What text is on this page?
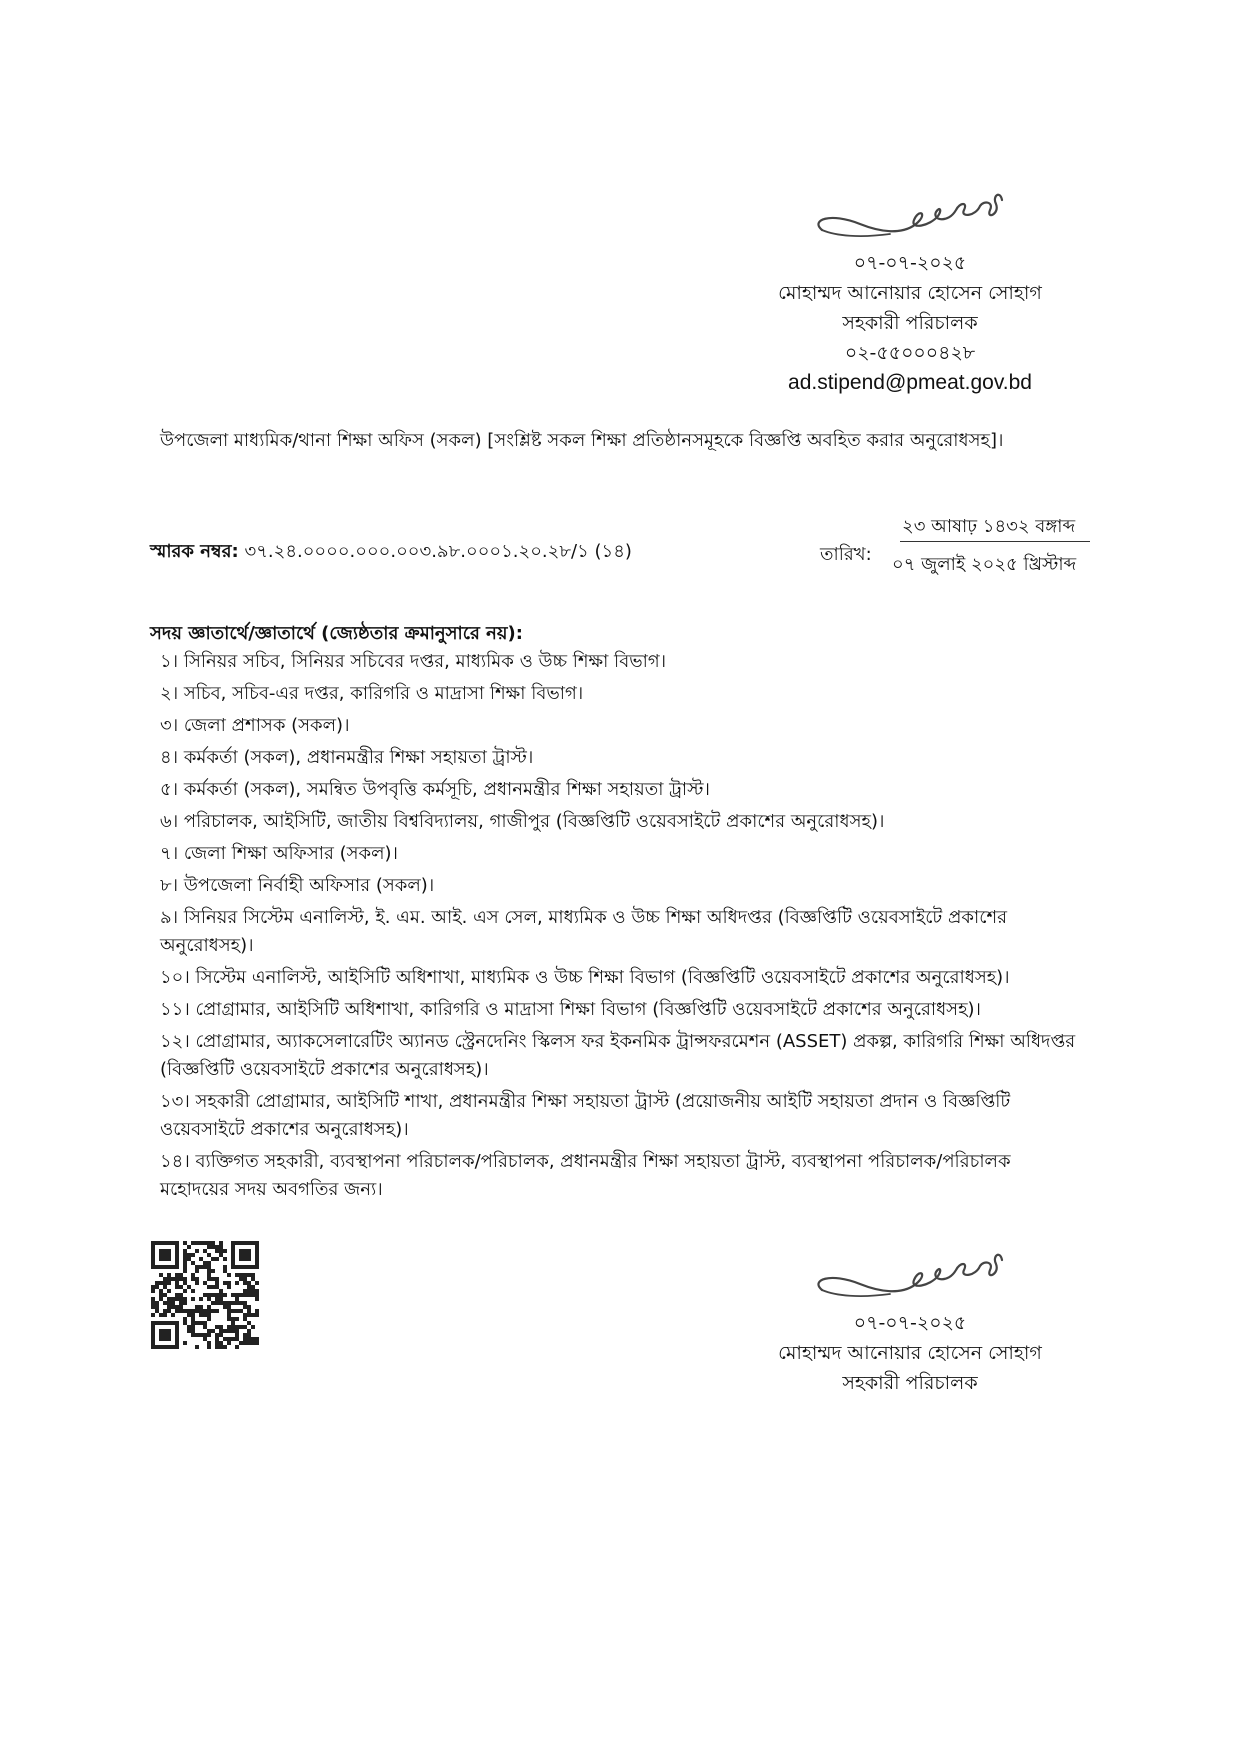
০৭-০৭-২০২৫
মোহাম্মদ আনোয়ার হোসেন সোহাগ
সহকারী পরিচালক
০২-৫৫০০০৪২৮
ad.stipend@pmeat.gov.bd
উপজেলা মাধ্যমিক/থানা শিক্ষা অফিস (সকল) [সংশ্লিষ্ট সকল শিক্ষা প্রতিষ্ঠানসমূহকে বিজ্ঞপ্তি অবহিত করার অনুরোধসহ]।
স্মারক নম্বর: ৩৭.২৪.০০০০.০০০.০০৩.৯৮.০০০১.২০.২৮/১ (১৪)	তারিখ:
২৩ আষাঢ় ১৪৩২ বঙ্গাব্দ
০৭ জুলাই ২০২৫ খ্রিস্টাব্দ
সদয় জ্ঞাতার্থে/জ্ঞাতার্থে (জ্যেষ্ঠতার ক্রমানুসারে নয়):
১। সিনিয়র সচিব, সিনিয়র সচিবের দপ্তর, মাধ্যমিক ও উচ্চ শিক্ষা বিভাগ।
২। সচিব, সচিব-এর দপ্তর, কারিগরি ও মাদ্রাসা শিক্ষা বিভাগ।
৩। জেলা প্রশাসক (সকল)।
৪। কর্মকর্তা (সকল), প্রধানমন্ত্রীর শিক্ষা সহায়তা ট্রাস্ট।
৫। কর্মকর্তা (সকল), সমন্বিত উপবৃত্তি কর্মসূচি, প্রধানমন্ত্রীর শিক্ষা সহায়তা ট্রাস্ট।
৬। পরিচালক, আইসিটি, জাতীয় বিশ্ববিদ্যালয়, গাজীপুর (বিজ্ঞপ্তিটি ওয়েবসাইটে প্রকাশের অনুরোধসহ)।
৭। জেলা শিক্ষা অফিসার (সকল)।
৮। উপজেলা নির্বাহী অফিসার (সকল)।
৯। সিনিয়র সিস্টেম এনালিস্ট, ই. এম. আই. এস সেল, মাধ্যমিক ও উচ্চ শিক্ষা অধিদপ্তর (বিজ্ঞপ্তিটি ওয়েবসাইটে প্রকাশের অনুরোধসহ)।
১০। সিস্টেম এনালিস্ট, আইসিটি অধিশাখা, মাধ্যমিক ও উচ্চ শিক্ষা বিভাগ (বিজ্ঞপ্তিটি ওয়েবসাইটে প্রকাশের অনুরোধসহ)।
১১। প্রোগ্রামার, আইসিটি অধিশাখা, কারিগরি ও মাদ্রাসা শিক্ষা বিভাগ (বিজ্ঞপ্তিটি ওয়েবসাইটে প্রকাশের অনুরোধসহ)।
১২। প্রোগ্রামার, অ্যাকসেলারেটিং অ্যানড স্ট্রেনদেনিং স্কিলস ফর ইকনমিক ট্রান্সফরমেশন (ASSET) প্রকল্প, কারিগরি শিক্ষা অধিদপ্তর (বিজ্ঞপ্তিটি ওয়েবসাইটে প্রকাশের অনুরোধসহ)।
১৩। সহকারী প্রোগ্রামার, আইসিটি শাখা, প্রধানমন্ত্রীর শিক্ষা সহায়তা ট্রাস্ট (প্রয়োজনীয় আইটি সহায়তা প্রদান ও বিজ্ঞপ্তিটি ওয়েবসাইটে প্রকাশের অনুরোধসহ)।
১৪। ব্যক্তিগত সহকারী, ব্যবস্থাপনা পরিচালক/পরিচালক, প্রধানমন্ত্রীর শিক্ষা সহায়তা ট্রাস্ট, ব্যবস্থাপনা পরিচালক/পরিচালক মহোদয়ের সদয় অবগতির জন্য।
০৭-০৭-২০২৫
মোহাম্মদ আনোয়ার হোসেন সোহাগ
সহকারী পরিচালক
